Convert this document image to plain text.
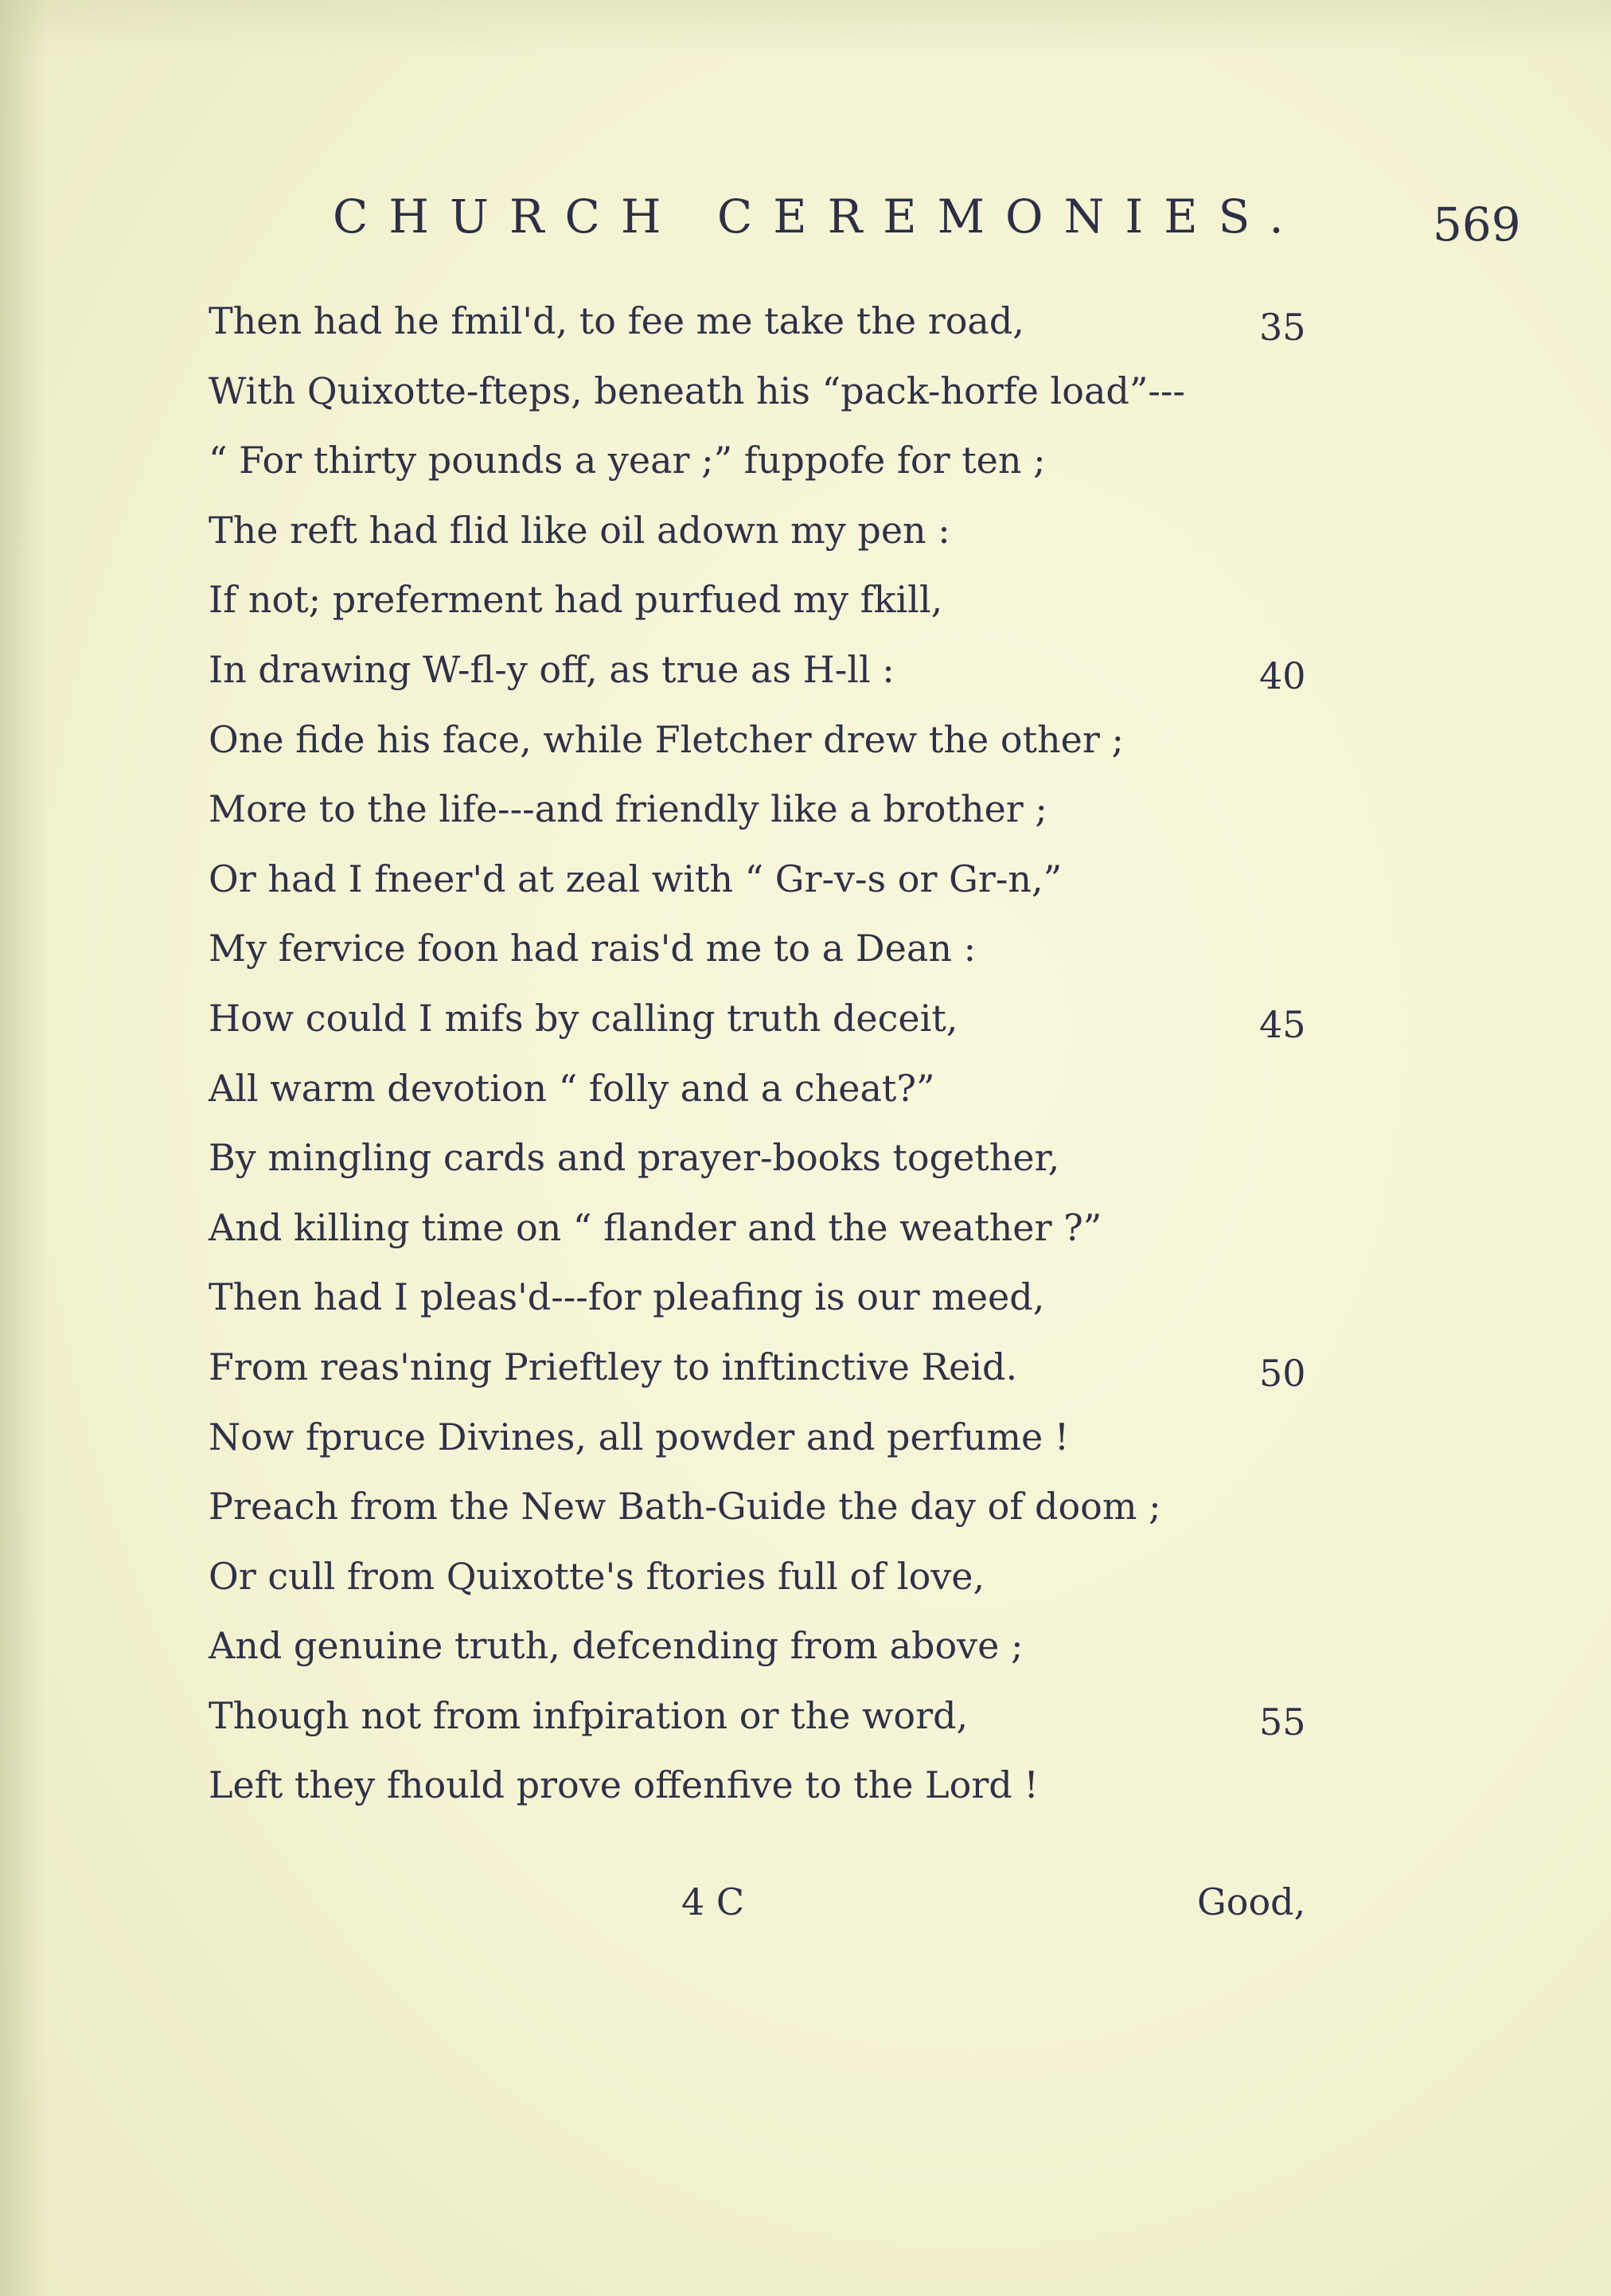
CHURCH CEREMONIES.	569
Then had he fmil'd, to fee me take the road,	35
With Quixotte-fteps, beneath his “pack-horfe load”---
“ For thirty pounds a year ;” fuppofe for ten ;
The reft had flid like oil adown my pen :
If not; preferment had purfued my fkill,
In drawing W-fl-y off, as true as H-ll :	40
One fide his face, while Fletcher drew the other ;
More to the life---and friendly like a brother ;
Or had I fneer'd at zeal with “ Gr-v-s or Gr-n,”
My fervice foon had rais'd me to a Dean :
How could I mifs by calling truth deceit,	45
All warm devotion “ folly and a cheat?”
By mingling cards and prayer-books together,
And killing time on “ flander and the weather ?”
Then had I pleas'd---for pleafing is our meed,
From reas'ning Prieftley to inftinctive Reid.	50
Now fpruce Divines, all powder and perfume !
Preach from the New Bath-Guide the day of doom ;
Or cull from Quixotte's ftories full of love,
And genuine truth, defcending from above ;
Though not from infpiration or the word,	55
Left they fhould prove offenfive to the Lord !
4 C	Good,
